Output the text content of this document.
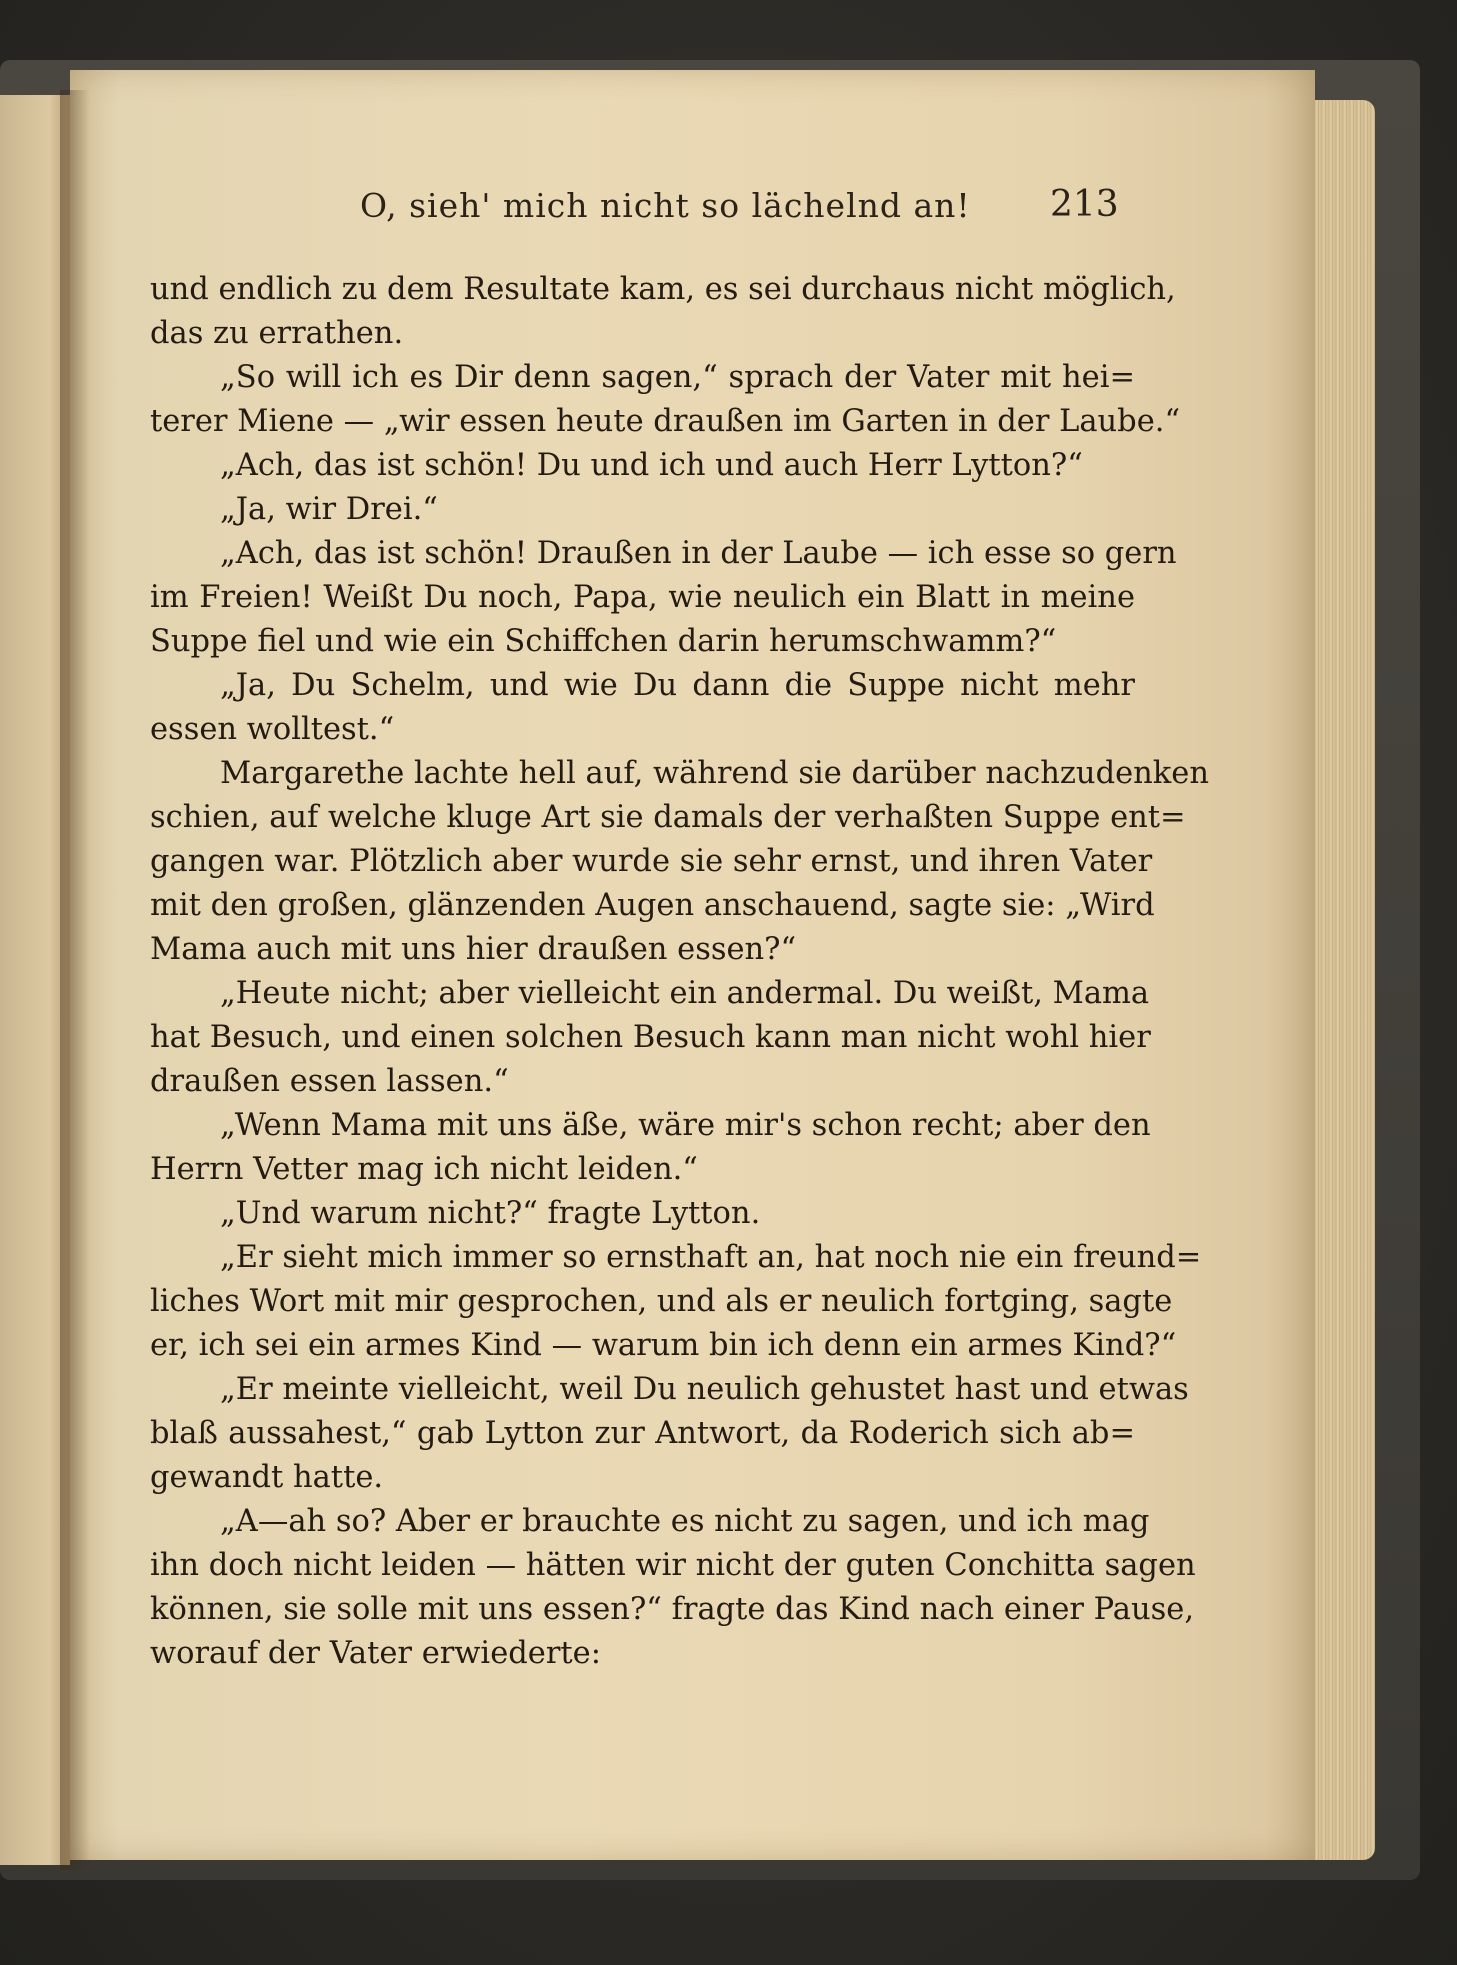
O, sieh' mich nicht so lächelnd an!	213
und endlich zu dem Resultate kam, es sei durchaus nicht möglich,
das zu errathen.
„So will ich es Dir denn sagen,“ sprach der Vater mit hei=
terer Miene — „wir essen heute draußen im Garten in der Laube.“
„Ach, das ist schön! Du und ich und auch Herr Lytton?“
„Ja, wir Drei.“
„Ach, das ist schön! Draußen in der Laube — ich esse so gern
im Freien! Weißt Du noch, Papa, wie neulich ein Blatt in meine
Suppe fiel und wie ein Schiffchen darin herumschwamm?“
„Ja, Du Schelm, und wie Du dann die Suppe nicht mehr
essen wolltest.“
Margarethe lachte hell auf, während sie darüber nachzudenken
schien, auf welche kluge Art sie damals der verhaßten Suppe ent=
gangen war. Plötzlich aber wurde sie sehr ernst, und ihren Vater
mit den großen, glänzenden Augen anschauend, sagte sie: „Wird
Mama auch mit uns hier draußen essen?“
„Heute nicht; aber vielleicht ein andermal. Du weißt, Mama
hat Besuch, und einen solchen Besuch kann man nicht wohl hier
draußen essen lassen.“
„Wenn Mama mit uns äße, wäre mir's schon recht; aber den
Herrn Vetter mag ich nicht leiden.“
„Und warum nicht?“ fragte Lytton.
„Er sieht mich immer so ernsthaft an, hat noch nie ein freund=
liches Wort mit mir gesprochen, und als er neulich fortging, sagte
er, ich sei ein armes Kind — warum bin ich denn ein armes Kind?“
„Er meinte vielleicht, weil Du neulich gehustet hast und etwas
blaß aussahest,“ gab Lytton zur Antwort, da Roderich sich ab=
gewandt hatte.
„A—ah so? Aber er brauchte es nicht zu sagen, und ich mag
ihn doch nicht leiden — hätten wir nicht der guten Conchitta sagen
können, sie solle mit uns essen?“ fragte das Kind nach einer Pause,
worauf der Vater erwiederte:
